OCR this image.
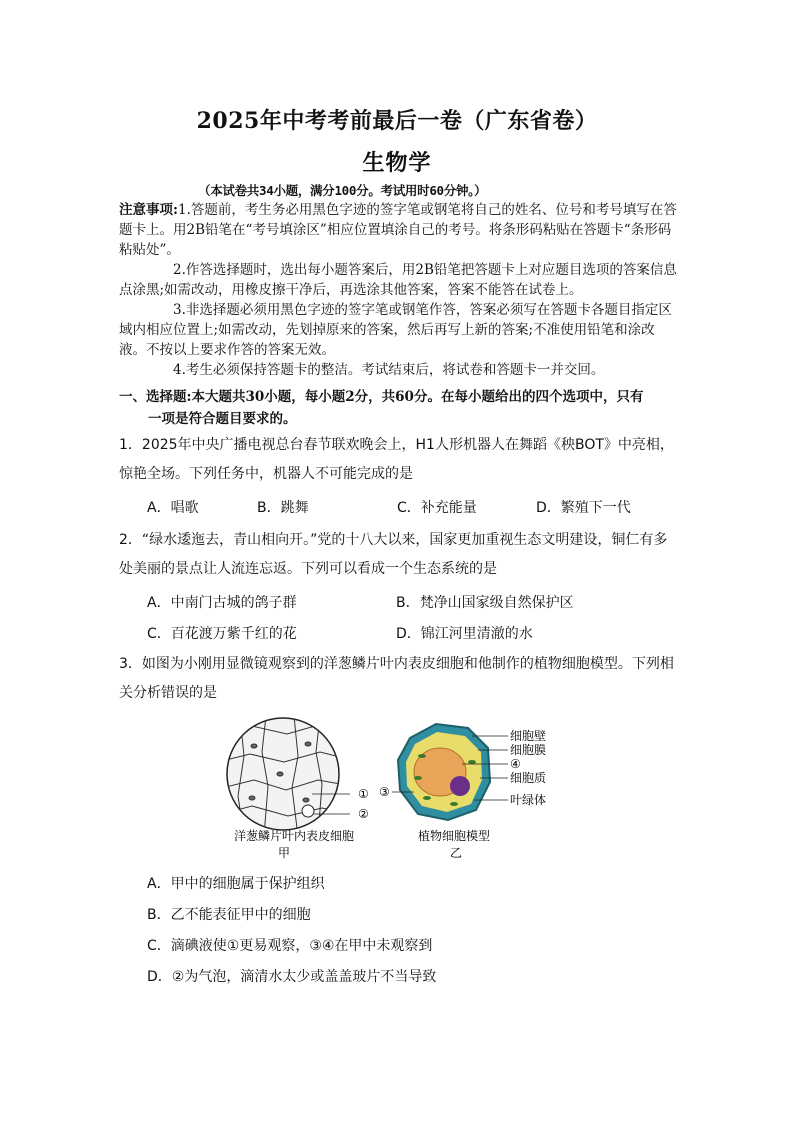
2025年中考考前最后一卷（广东省卷）
生物学
（本试卷共34小题，满分100分。考试用时60分钟。）

注意事项:1.答题前，考生务必用黑色字迹的签字笔或钢笔将自己的姓名、位号和考号填写在答题卡上。用2B铅笔在“考号填涂区”相应位置填涂自己的考号。将条形码粘贴在答题卡“条形码粘贴处”。

2.作答选择题时，选出每小题答案后，用2B铅笔把答题卡上对应题目选项的答案信息点涂黑;如需改动，用橡皮擦干净后，再选涂其他答案，答案不能答在试卷上。

3.非选择题必须用黑色字迹的签字笔或钢笔作答，答案必须写在答题卡各题目指定区域内相应位置上;如需改动，先划掉原来的答案，然后再写上新的答案;不准使用铅笔和涂改液。不按以上要求作答的答案无效。

4.考生必须保持答题卡的整洁。考试结束后，将试卷和答题卡一并交回。

一、选择题:本大题共30小题，每小题2分，共60分。在每小题给出的四个选项中，只有
一项是符合题目要求的。
1．2025年中央广播电视总台春节联欢晚会上，H1人形机器人在舞蹈《秧BOT》中亮相，
惊艳全场。下列任务中，机器人不可能完成的是
A．唱歌	B．跳舞	C．补充能量	D．繁殖下一代
2．“绿水逶迤去，青山相向开。”党的十八大以来，国家更加重视生态文明建设，铜仁有多
处美丽的景点让人流连忘返。下列可以看成一个生态系统的是
A．中南门古城的鸽子群	B．梵净山国家级自然保护区
C．百花渡万紫千红的花	D．锦江河里清澈的水
3．如图为小刚用显微镜观察到的洋葱鳞片叶内表皮细胞和他制作的植物细胞模型。下列相
关分析错误的是
①
②
洋葱鳞片叶内表皮细胞
甲
细胞壁
细胞膜
④
细胞质
叶绿体
③
植物细胞模型
乙
A．甲中的细胞属于保护组织
B．乙不能表征甲中的细胞
C．滴碘液使①更易观察，③④在甲中未观察到
D．②为气泡，滴清水太少或盖盖玻片不当导致
